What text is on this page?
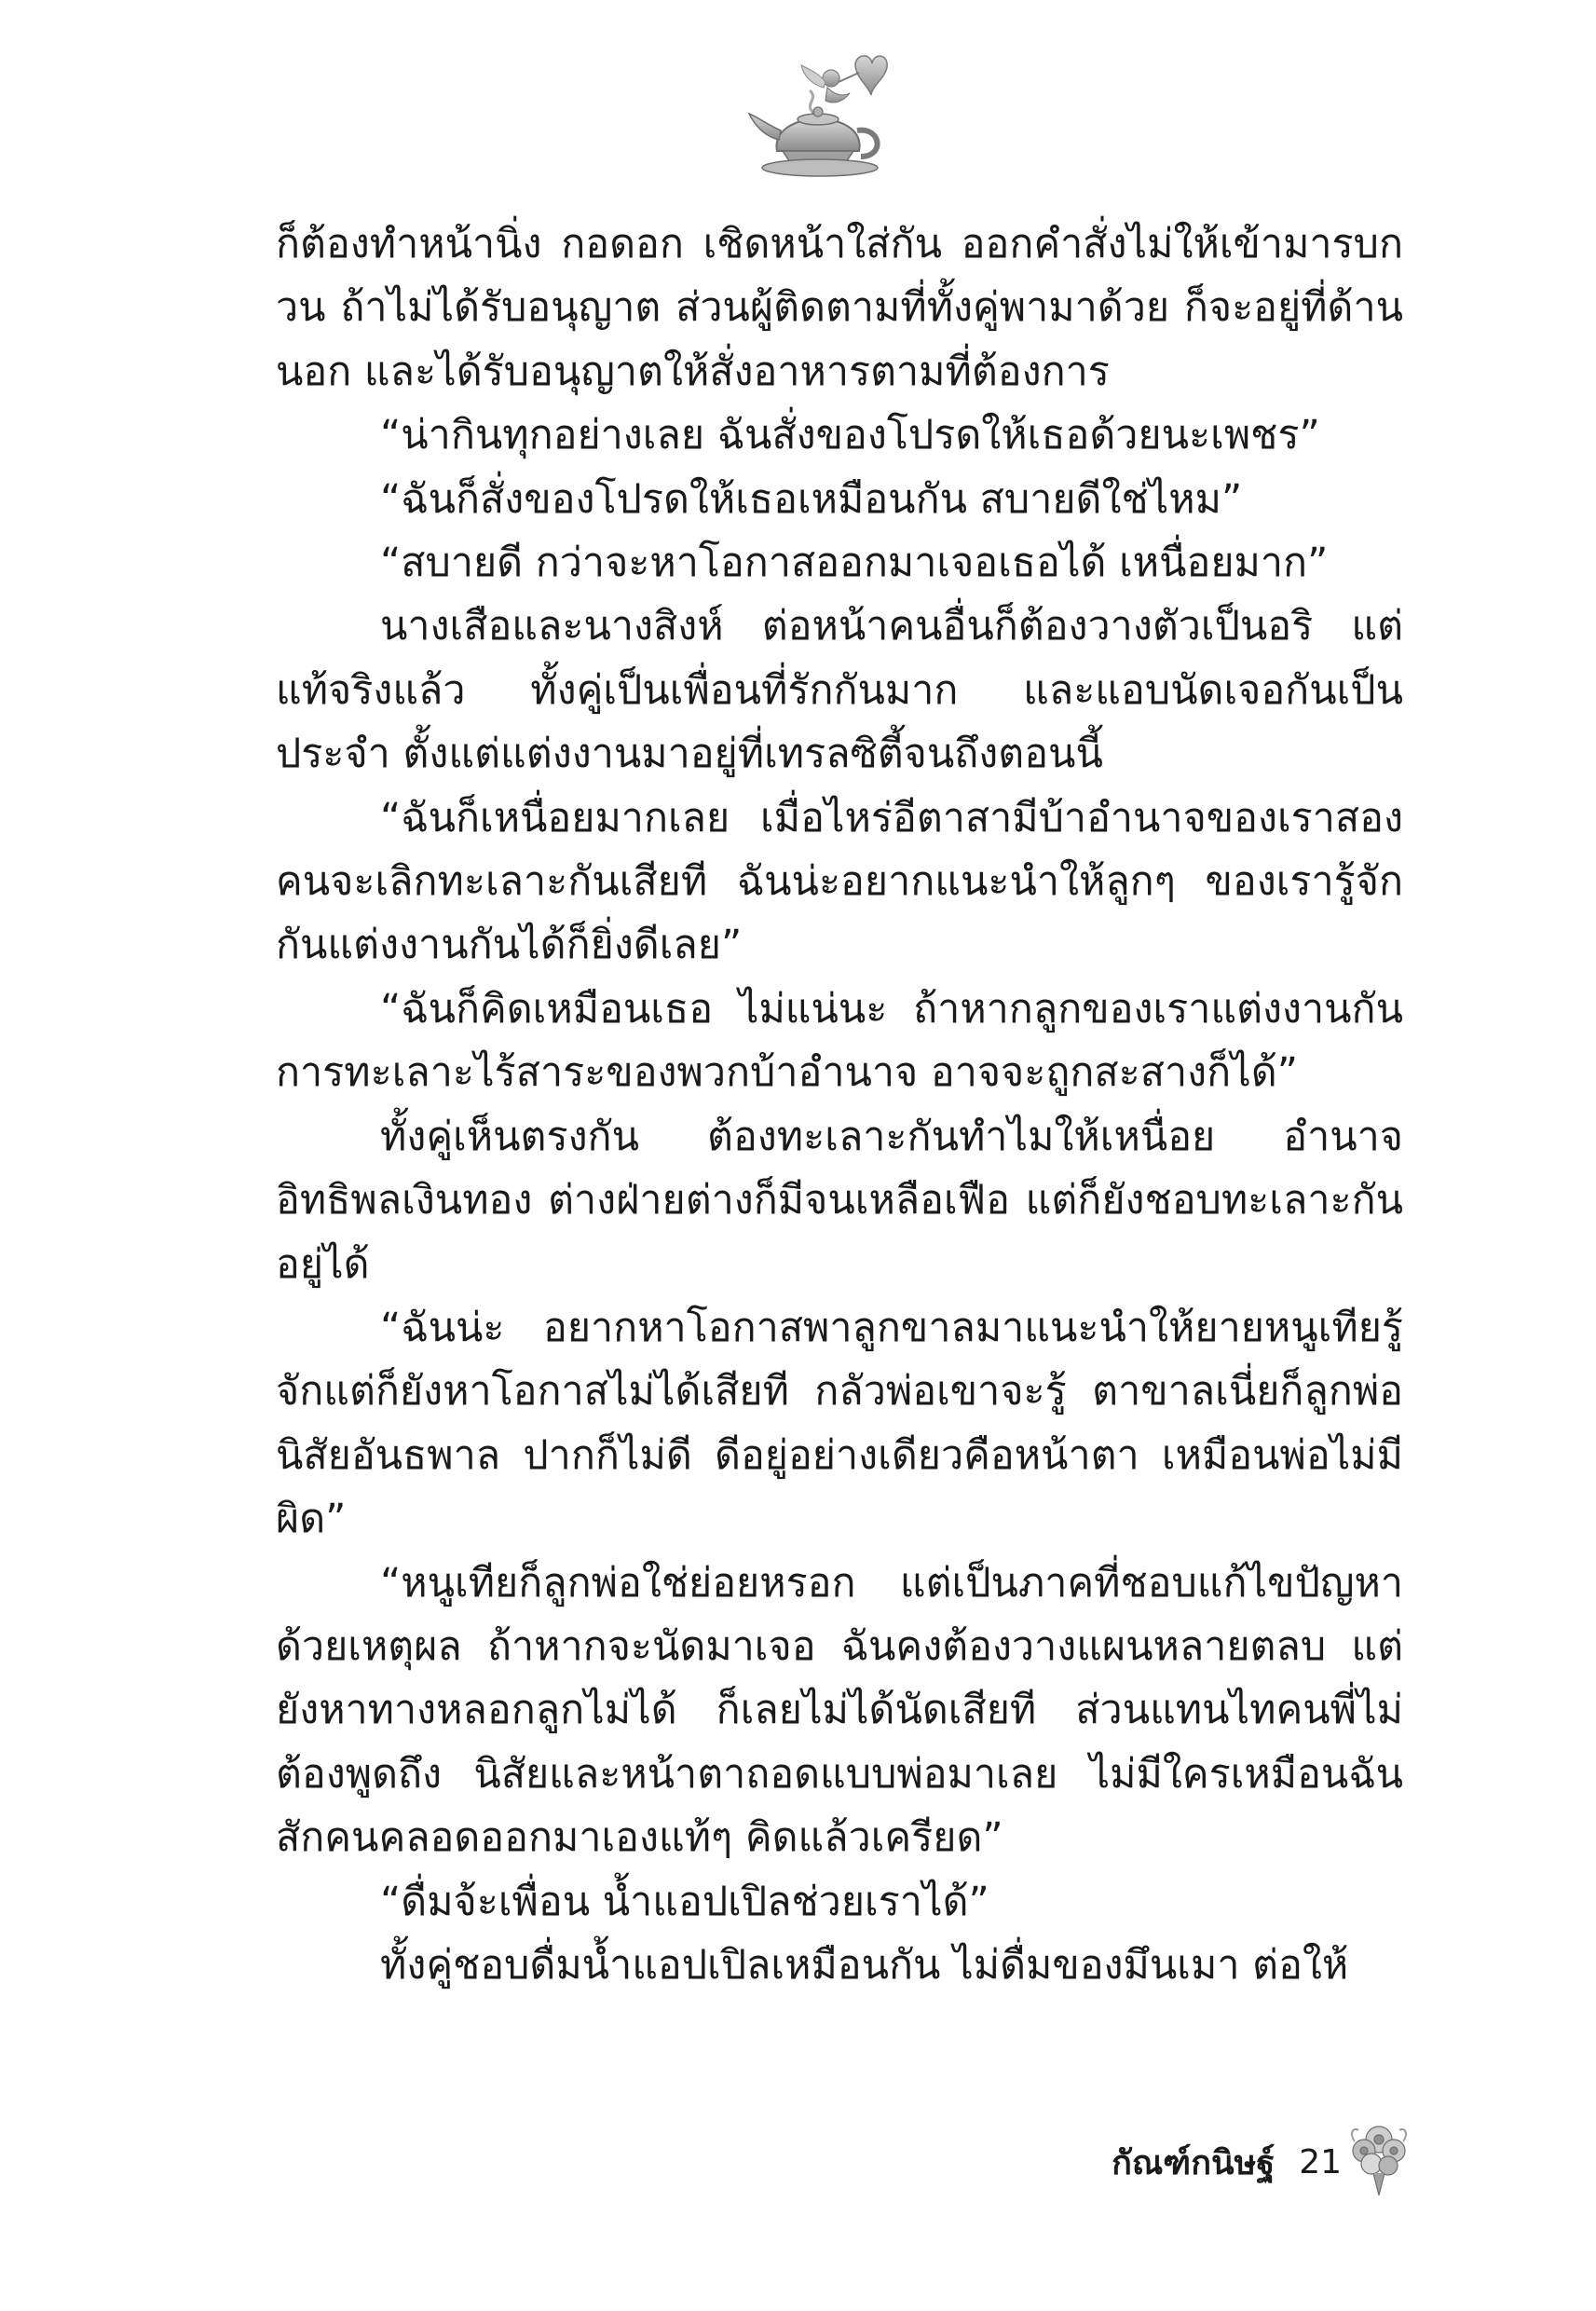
ก็ต้องทำหน้านิ่ง กอดอก เชิดหน้าใส่กัน ออกคำสั่งไม่ให้เข้ามารบกวน ถ้าไม่ได้รับอนุญาต ส่วนผู้ติดตามที่ทั้งคู่พามาด้วย ก็จะอยู่ที่ด้านนอก และได้รับอนุญาตให้สั่งอาหารตามที่ต้องการ

“น่ากินทุกอย่างเลย ฉันสั่งของโปรดให้เธอด้วยนะเพชร”

“ฉันก็สั่งของโปรดให้เธอเหมือนกัน สบายดีใช่ไหม”

“สบายดี กว่าจะหาโอกาสออกมาเจอเธอได้ เหนื่อยมาก”

นางเสือและนางสิงห์ ต่อหน้าคนอื่นก็ต้องวางตัวเป็นอริ แต่แท้จริงแล้ว ทั้งคู่เป็นเพื่อนที่รักกันมาก และแอบนัดเจอกันเป็นประจำ ตั้งแต่แต่งงานมาอยู่ที่เทรลซิตี้จนถึงตอนนี้

“ฉันก็เหนื่อยมากเลย เมื่อไหร่อีตาสามีบ้าอำนาจของเราสองคนจะเลิกทะเลาะกันเสียที ฉันน่ะอยากแนะนำให้ลูกๆ ของเรารู้จักกันแต่งงานกันได้ก็ยิ่งดีเลย”

“ฉันก็คิดเหมือนเธอ ไม่แน่นะ ถ้าหากลูกของเราแต่งงานกันการทะเลาะไร้สาระของพวกบ้าอำนาจ อาจจะถูกสะสางก็ได้”

ทั้งคู่เห็นตรงกัน ต้องทะเลาะกันทำไมให้เหนื่อย อำนาจ อิทธิพลเงินทอง ต่างฝ่ายต่างก็มีจนเหลือเฟือ แต่ก็ยังชอบทะเลาะกันอยู่ได้

“ฉันน่ะ อยากหาโอกาสพาลูกขาลมาแนะนำให้ยายหนูเทียรู้จักแต่ก็ยังหาโอกาสไม่ได้เสียที กลัวพ่อเขาจะรู้ ตาขาลเนี่ยก็ลูกพ่อ นิสัยอันธพาล ปากก็ไม่ดี ดีอยู่อย่างเดียวคือหน้าตา เหมือนพ่อไม่มีผิด”

“หนูเทียก็ลูกพ่อใช่ย่อยหรอก แต่เป็นภาคที่ชอบแก้ไขปัญหาด้วยเหตุผล ถ้าหากจะนัดมาเจอ ฉันคงต้องวางแผนหลายตลบ แต่ยังหาทางหลอกลูกไม่ได้ ก็เลยไม่ได้นัดเสียที ส่วนแทนไทคนพี่ไม่ต้องพูดถึง นิสัยและหน้าตาถอดแบบพ่อมาเลย ไม่มีใครเหมือนฉันสักคนคลอดออกมาเองแท้ๆ คิดแล้วเครียด”

“ดื่มจ้ะเพื่อน น้ำแอปเปิลช่วยเราได้”

ทั้งคู่ชอบดื่มน้ำแอปเปิลเหมือนกัน ไม่ดื่มของมึนเมา ต่อให้

กัณฑ์กนิษฐ์ 21
